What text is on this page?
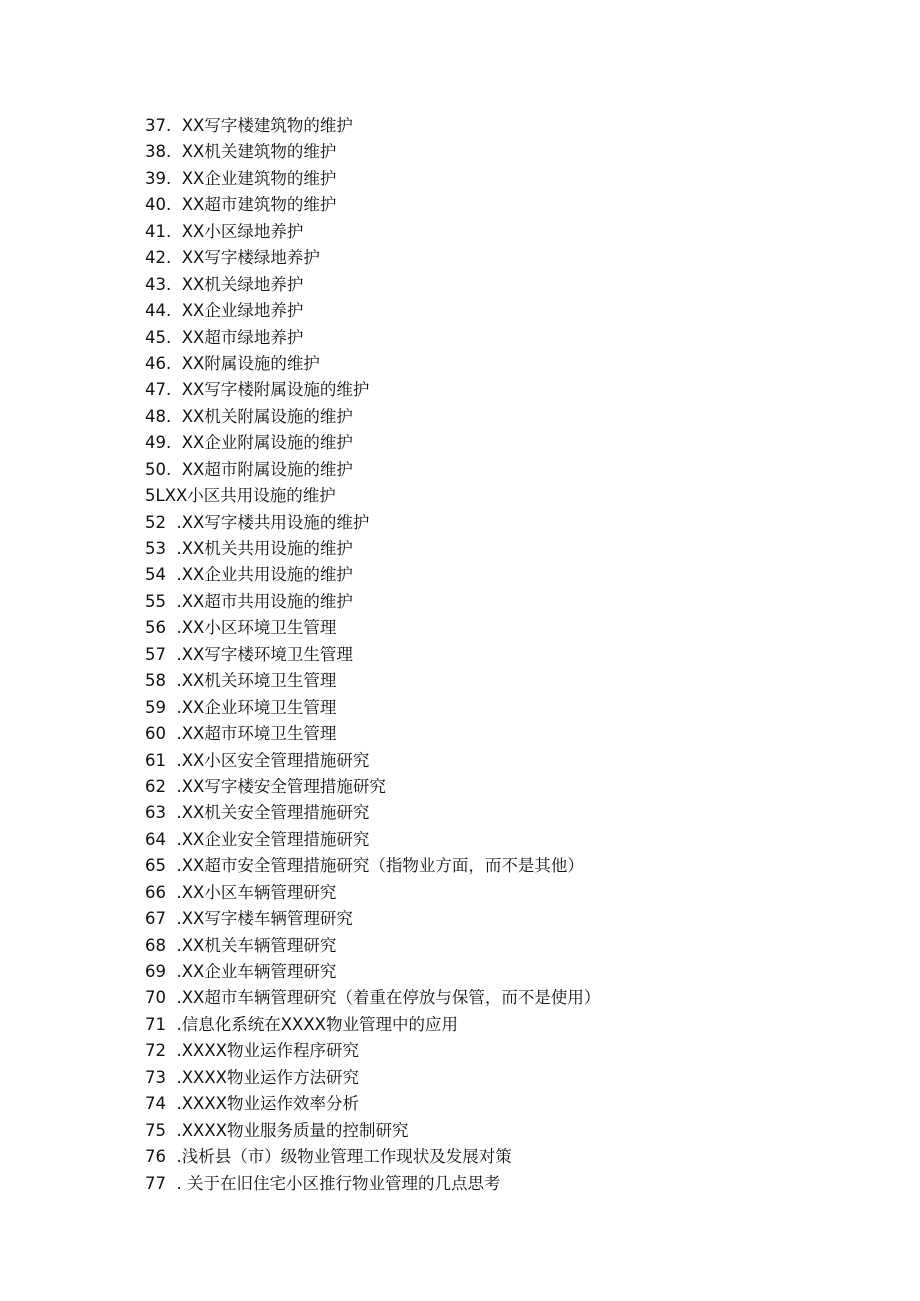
37.  XX写字楼建筑物的维护
38.  XX机关建筑物的维护
39.  XX企业建筑物的维护
40.  XX超市建筑物的维护
41.  XX小区绿地养护
42.  XX写字楼绿地养护
43.  XX机关绿地养护
44.  XX企业绿地养护
45.  XX超市绿地养护
46.  XX附属设施的维护
47.  XX写字楼附属设施的维护
48.  XX机关附属设施的维护
49.  XX企业附属设施的维护
50.  XX超市附属设施的维护
5LXX小区共用设施的维护
52  .XX写字楼共用设施的维护
53  .XX机关共用设施的维护
54  .XX企业共用设施的维护
55  .XX超市共用设施的维护
56  .XX小区环境卫生管理
57  .XX写字楼环境卫生管理
58  .XX机关环境卫生管理
59  .XX企业环境卫生管理
60  .XX超市环境卫生管理
61  .XX小区安全管理措施研究
62  .XX写字楼安全管理措施研究
63  .XX机关安全管理措施研究
64  .XX企业安全管理措施研究
65  .XX超市安全管理措施研究（指物业方面，而不是其他）
66  .XX小区车辆管理研究
67  .XX写字楼车辆管理研究
68  .XX机关车辆管理研究
69  .XX企业车辆管理研究
70  .XX超市车辆管理研究（着重在停放与保管，而不是使用）
71  .信息化系统在XXXX物业管理中的应用
72  .XXXX物业运作程序研究
73  .XXXX物业运作方法研究
74  .XXXX物业运作效率分析
75  .XXXX物业服务质量的控制研究
76  .浅析县（市）级物业管理工作现状及发展对策
77  . 关于在旧住宅小区推行物业管理的几点思考
